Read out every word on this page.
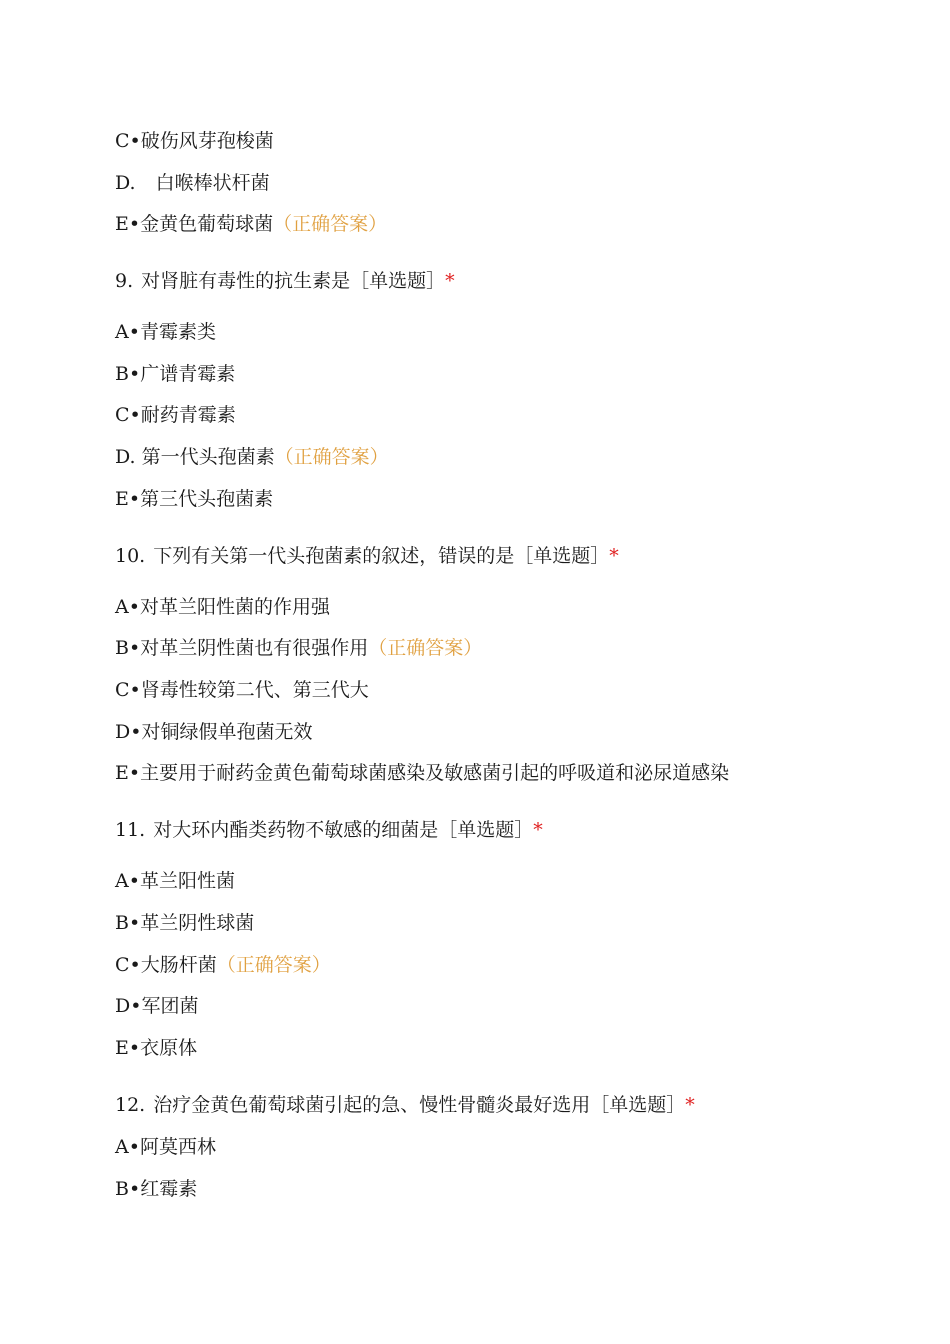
C•破伤风芽孢梭菌
D. 白喉棒状杆菌
E•金黄色葡萄球菌（正确答案）
9. 对肾脏有毒性的抗生素是［单选题］*
A•青霉素类
B•广谱青霉素
C•耐药青霉素
D. 第一代头孢菌素（正确答案）
E•第三代头孢菌素
10. 下列有关第一代头孢菌素的叙述，错误的是［单选题］*
A•对革兰阳性菌的作用强
B•对革兰阴性菌也有很强作用（正确答案）
C•肾毒性较第二代、第三代大
D•对铜绿假单孢菌无效
E•主要用于耐药金黄色葡萄球菌感染及敏感菌引起的呼吸道和泌尿道感染
11. 对大环内酯类药物不敏感的细菌是［单选题］*
A•革兰阳性菌
B•革兰阴性球菌
C•大肠杆菌（正确答案）
D•军团菌
E•衣原体
12. 治疗金黄色葡萄球菌引起的急、慢性骨髓炎最好选用［单选题］*
A•阿莫西林
B•红霉素
